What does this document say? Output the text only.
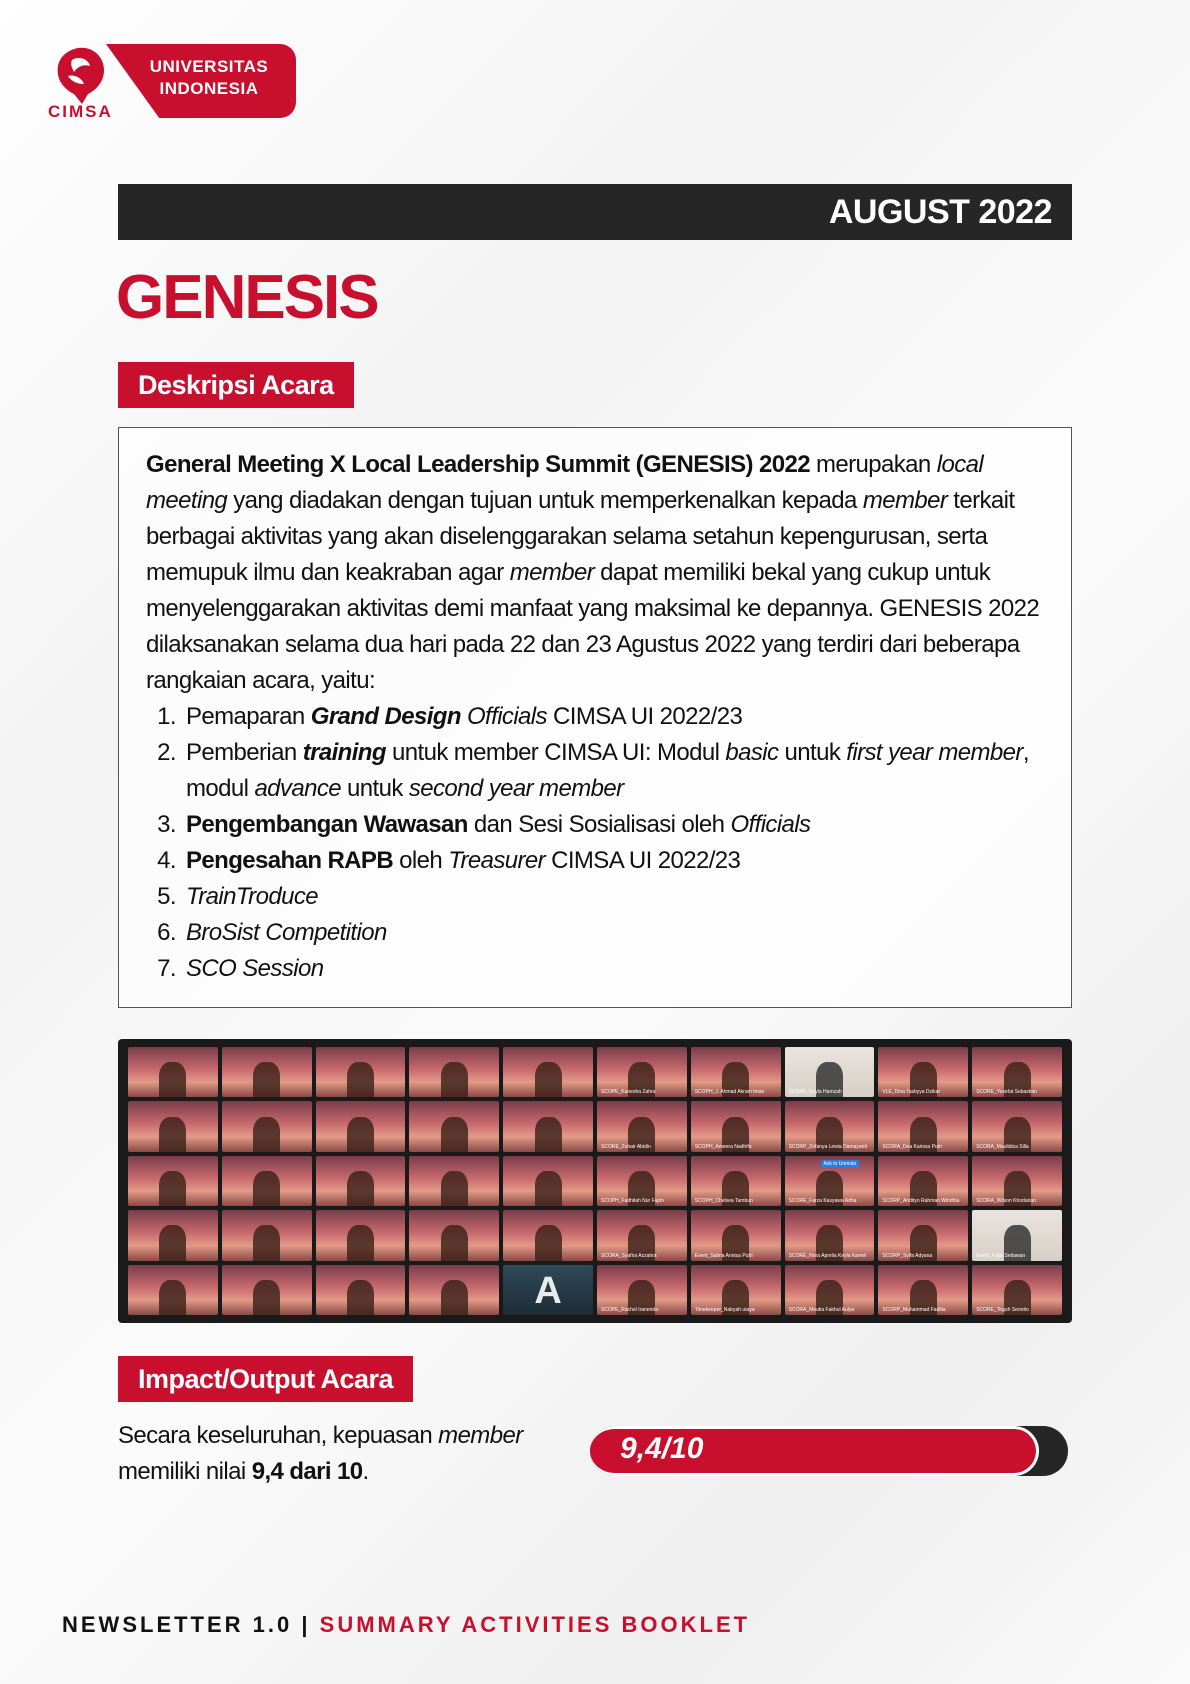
CIMSA
UNIVERSITAS
INDONESIA
AUGUST 2022
GENESIS
Deskripsi Acara
General Meeting X Local Leadership Summit (GENESIS) 2022 merupakan local meeting yang diadakan dengan tujuan untuk memperkenalkan kepada member terkait berbagai aktivitas yang akan diselenggarakan selama setahun kepengurusan, serta memupuk ilmu dan keakraban agar member dapat memiliki bekal yang cukup untuk menyelenggarakan aktivitas demi manfaat yang maksimal ke depannya. GENESIS 2022 dilaksanakan selama dua hari pada 22 dan 23 Agustus 2022 yang terdiri dari beberapa rangkaian acara, yaitu:
1. Pemaparan Grand Design Officials CIMSA UI 2022/23
2. Pemberian training untuk member CIMSA UI: Modul basic untuk first year member, modul advance untuk second year member
3. Pengembangan Wawasan dan Sesi Sosialisasi oleh Officials
4. Pengesahan RAPB oleh Treasurer CIMSA UI 2022/23
5. TrainTroduce
6. BroSist Competition
7. SCO Session
SCOPE_Kanesha Zahra	SCOPH_J. Ahmad Akram Iman	SCORE_Keyla Hamzah	VLE_Dina Tasbyya Dzikar	SCORE_Yosefat Sebastian
SCORE_Zuhair Abidin	SCOPH_Ameera Nadhifa	SCORP_Zefanya Lewia Damayanti	SCORA_Dea Karissa Putri	SCORA_Maulidiza Silla
SCOPH_Fadhilah Nur Fajrin	SCOPH_Chelsea Tambun	SCORE_Farza Kasyawa Adha
Ask to Unmute
SCORP_Andityo Rahman Windhiu	SCORA_Wilson Khodarian
SCORA_Syafira Azzahra	Event_Salma Annisa Putri	SCORE_Nora Aprelia Keyla Kamel	SCORP_Sylfa Adyana	Event_Fajar Setiawan
A	SCOPE_Rachel Iranenda	Timekeeper_Nabyah utaya	SCORA_Meutia Fakhul Aulya	SCORP_Muhammad Fadilla	SCORE_Teguh Seonito
Impact/Output Acara
Secara keseluruhan, kepuasan member memiliki nilai 9,4 dari 10.
9,4/10
NEWSLETTER 1.0 | SUMMARY ACTIVITIES BOOKLET
